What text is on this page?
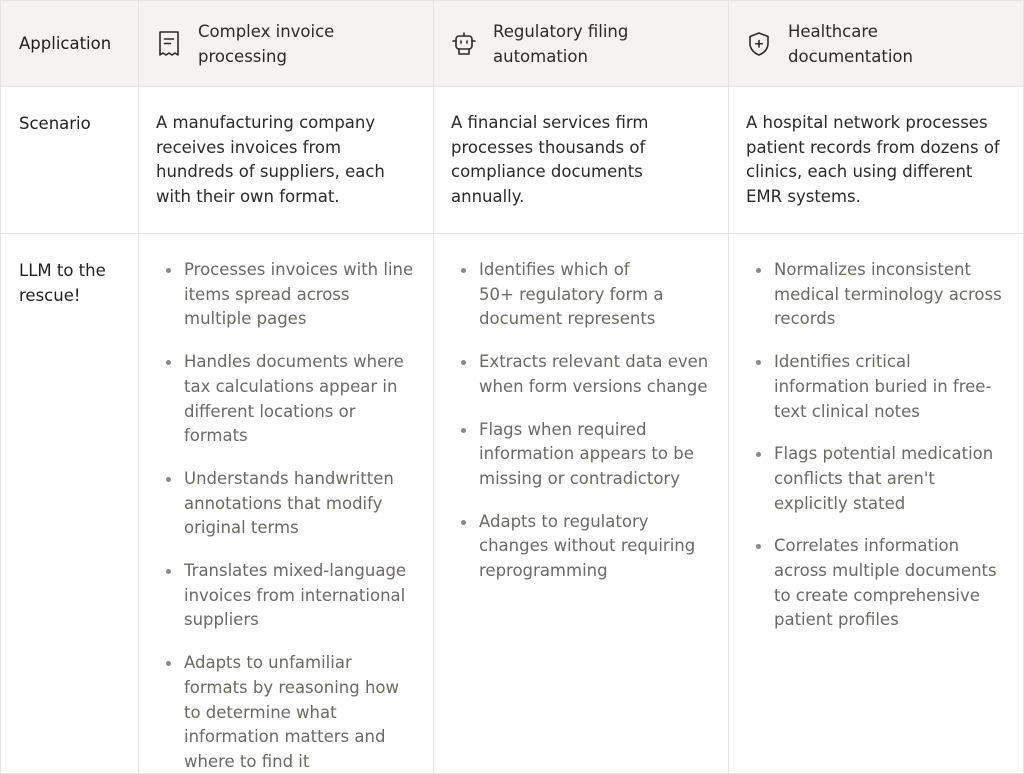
Application
Complex invoice processing
Regulatory filing automation
Healthcare documentation
Scenario	A manufacturing company receives invoices from hundreds of suppliers, each with their own format.
A financial services firm processes thousands of compliance documents annually.
A hospital network processes patient records from dozens of clinics, each using different EMR systems.
LLM to the rescue!
Processes invoices with line items spread across multiple pages
Handles documents where tax calculations appear in different locations or formats
Understands handwritten annotations that modify original terms
Translates mixed-language invoices from international suppliers
Adapts to unfamiliar formats by reasoning how to determine what information matters and where to find it
Identifies which of 50+ regulatory form a document represents
Extracts relevant data even when form versions change
Flags when required information appears to be missing or contradictory
Adapts to regulatory changes without requiring reprogramming
Normalizes inconsistent medical terminology across records
Identifies critical information buried in free-text clinical notes
Flags potential medication conflicts that aren't explicitly stated
Correlates information across multiple documents to create comprehensive patient profiles
